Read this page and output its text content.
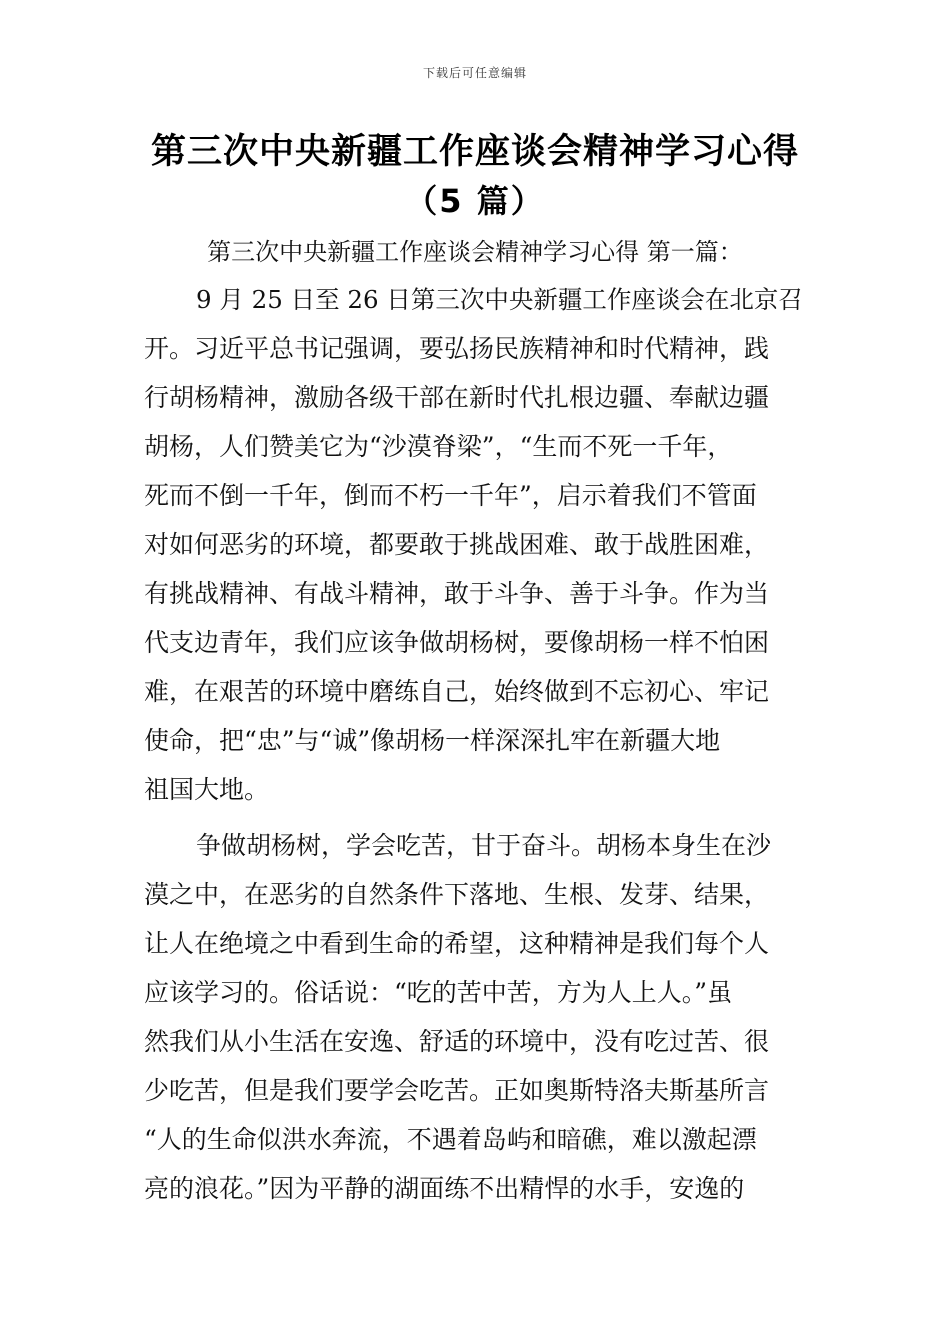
下载后可任意编辑
第三次中央新疆工作座谈会精神学习心得
（5 篇）
第三次中央新疆工作座谈会精神学习心得 第一篇：
9 月 25 日至 26 日第三次中央新疆工作座谈会在北京召
开。习近平总书记强调，要弘扬民族精神和时代精神，践
行胡杨精神，激励各级干部在新时代扎根边疆、奉献边疆
胡杨，人们赞美它为“沙漠脊梁”，“生而不死一千年，
死而不倒一千年，倒而不朽一千年”，启示着我们不管面
对如何恶劣的环境，都要敢于挑战困难、敢于战胜困难，
有挑战精神、有战斗精神，敢于斗争、善于斗争。作为当
代支边青年，我们应该争做胡杨树，要像胡杨一样不怕困
难，在艰苦的环境中磨练自己，始终做到不忘初心、牢记
使命，把“忠”与“诚”像胡杨一样深深扎牢在新疆大地
祖国大地。
争做胡杨树，学会吃苦，甘于奋斗。胡杨本身生在沙
漠之中，在恶劣的自然条件下落地、生根、发芽、结果，
让人在绝境之中看到生命的希望，这种精神是我们每个人
应该学习的。俗话说：“吃的苦中苦，方为人上人。”虽
然我们从小生活在安逸、舒适的环境中，没有吃过苦、很
少吃苦，但是我们要学会吃苦。正如奥斯特洛夫斯基所言
“人的生命似洪水奔流，不遇着岛屿和暗礁，难以激起漂
亮的浪花。”因为平静的湖面练不出精悍的水手，安逸的
